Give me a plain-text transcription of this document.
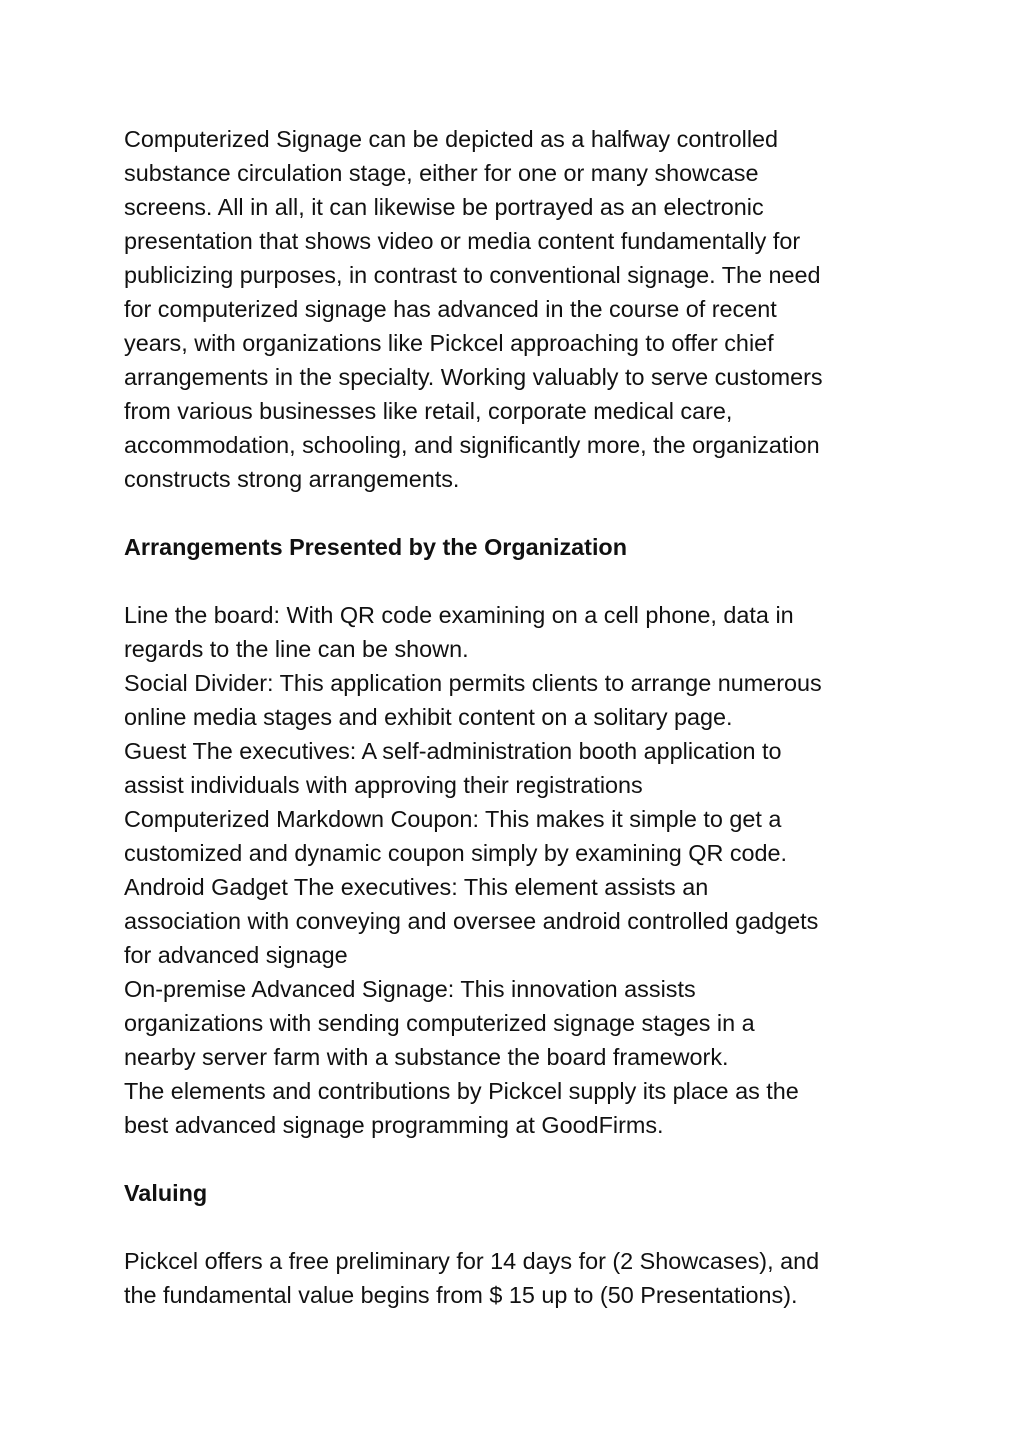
Computerized Signage can be depicted as a halfway controlled
substance circulation stage, either for one or many showcase
screens. All in all, it can likewise be portrayed as an electronic
presentation that shows video or media content fundamentally for
publicizing purposes, in contrast to conventional signage. The need
for computerized signage has advanced in the course of recent
years, with organizations like Pickcel approaching to offer chief
arrangements in the specialty. Working valuably to serve customers
from various businesses like retail, corporate medical care,
accommodation, schooling, and significantly more, the organization
constructs strong arrangements.

Arrangements Presented by the Organization

Line the board: With QR code examining on a cell phone, data in
regards to the line can be shown.
Social Divider: This application permits clients to arrange numerous
online media stages and exhibit content on a solitary page.
Guest The executives: A self-administration booth application to
assist individuals with approving their registrations
Computerized Markdown Coupon: This makes it simple to get a
customized and dynamic coupon simply by examining QR code.
Android Gadget The executives: This element assists an
association with conveying and oversee android controlled gadgets
for advanced signage
On-premise Advanced Signage: This innovation assists
organizations with sending computerized signage stages in a
nearby server farm with a substance the board framework.
The elements and contributions by Pickcel supply its place as the
best advanced signage programming at GoodFirms.

Valuing

Pickcel offers a free preliminary for 14 days for (2 Showcases), and
the fundamental value begins from $ 15 up to (50 Presentations).
